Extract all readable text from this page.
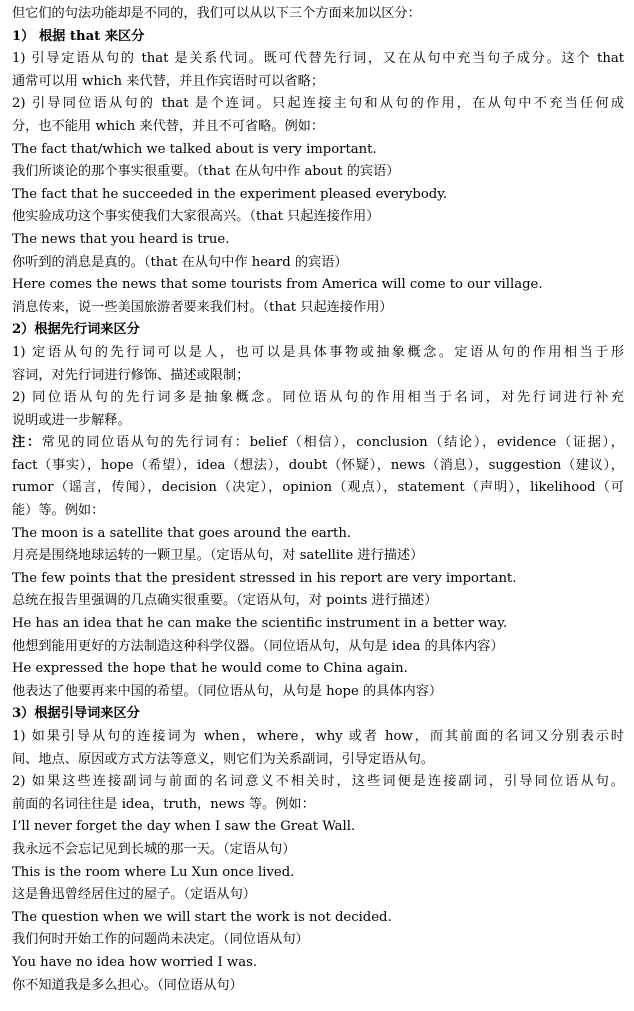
但它们的句法功能却是不同的，我们可以从以下三个方面来加以区分：
1） 根据 that 来区分
1) 引导定语从句的 that 是关系代词。既可代替先行词，又在从句中充当句子成分。这个 that
通常可以用 which 来代替，并且作宾语时可以省略；
2) 引导同位语从句的 that 是个连词。只起连接主句和从句的作用，在从句中不充当任何成
分，也不能用 which 来代替，并且不可省略。例如：
The fact that/which we talked about is very important.
我们所谈论的那个事实很重要。（that 在从句中作 about 的宾语）
The fact that he succeeded in the experiment pleased everybody.
他实验成功这个事实使我们大家很高兴。（that 只起连接作用）
The news that you heard is true.
你听到的消息是真的。（that 在从句中作 heard 的宾语）
Here comes the news that some tourists from America will come to our village.
消息传来，说一些美国旅游者要来我们村。（that 只起连接作用）
2）根据先行词来区分
1) 定语从句的先行词可以是人，也可以是具体事物或抽象概念。定语从句的作用相当于形
容词，对先行词进行修饰、描述或限制；
2) 同位语从句的先行词多是抽象概念。同位语从句的作用相当于名词，对先行词进行补充
说明或进一步解释。
注：常见的同位语从句的先行词有：belief（相信），conclusion（结论），evidence（证据），
fact（事实），hope（希望），idea（想法），doubt（怀疑），news（消息），suggestion（建议），
rumor（谣言，传闻），decision（决定），opinion（观点），statement（声明），likelihood（可
能）等。例如：
The moon is a satellite that goes around the earth.
月亮是围绕地球运转的一颗卫星。（定语从句，对 satellite 进行描述）
The few points that the president stressed in his report are very important.
总统在报告里强调的几点确实很重要。（定语从句，对 points 进行描述）
He has an idea that he can make the scientific instrument in a better way.
他想到能用更好的方法制造这种科学仪器。（同位语从句，从句是 idea 的具体内容）
He expressed the hope that he would come to China again.
他表达了他要再来中国的希望。（同位语从句，从句是 hope 的具体内容）
3）根据引导词来区分
1) 如果引导从句的连接词为 when，where，why 或者 how，而其前面的名词又分别表示时
间、地点、原因或方式方法等意义，则它们为关系副词，引导定语从句。
2) 如果这些连接副词与前面的名词意义不相关时，这些词便是连接副词，引导同位语从句。
前面的名词往往是 idea，truth，news 等。例如：
I’ll never forget the day when I saw the Great Wall.
我永远不会忘记见到长城的那一天。（定语从句）
This is the room where Lu Xun once lived.
这是鲁迅曾经居住过的屋子。（定语从句）
The question when we will start the work is not decided.
我们何时开始工作的问题尚未决定。（同位语从句）
You have no idea how worried I was.
你不知道我是多么担心。（同位语从句）
